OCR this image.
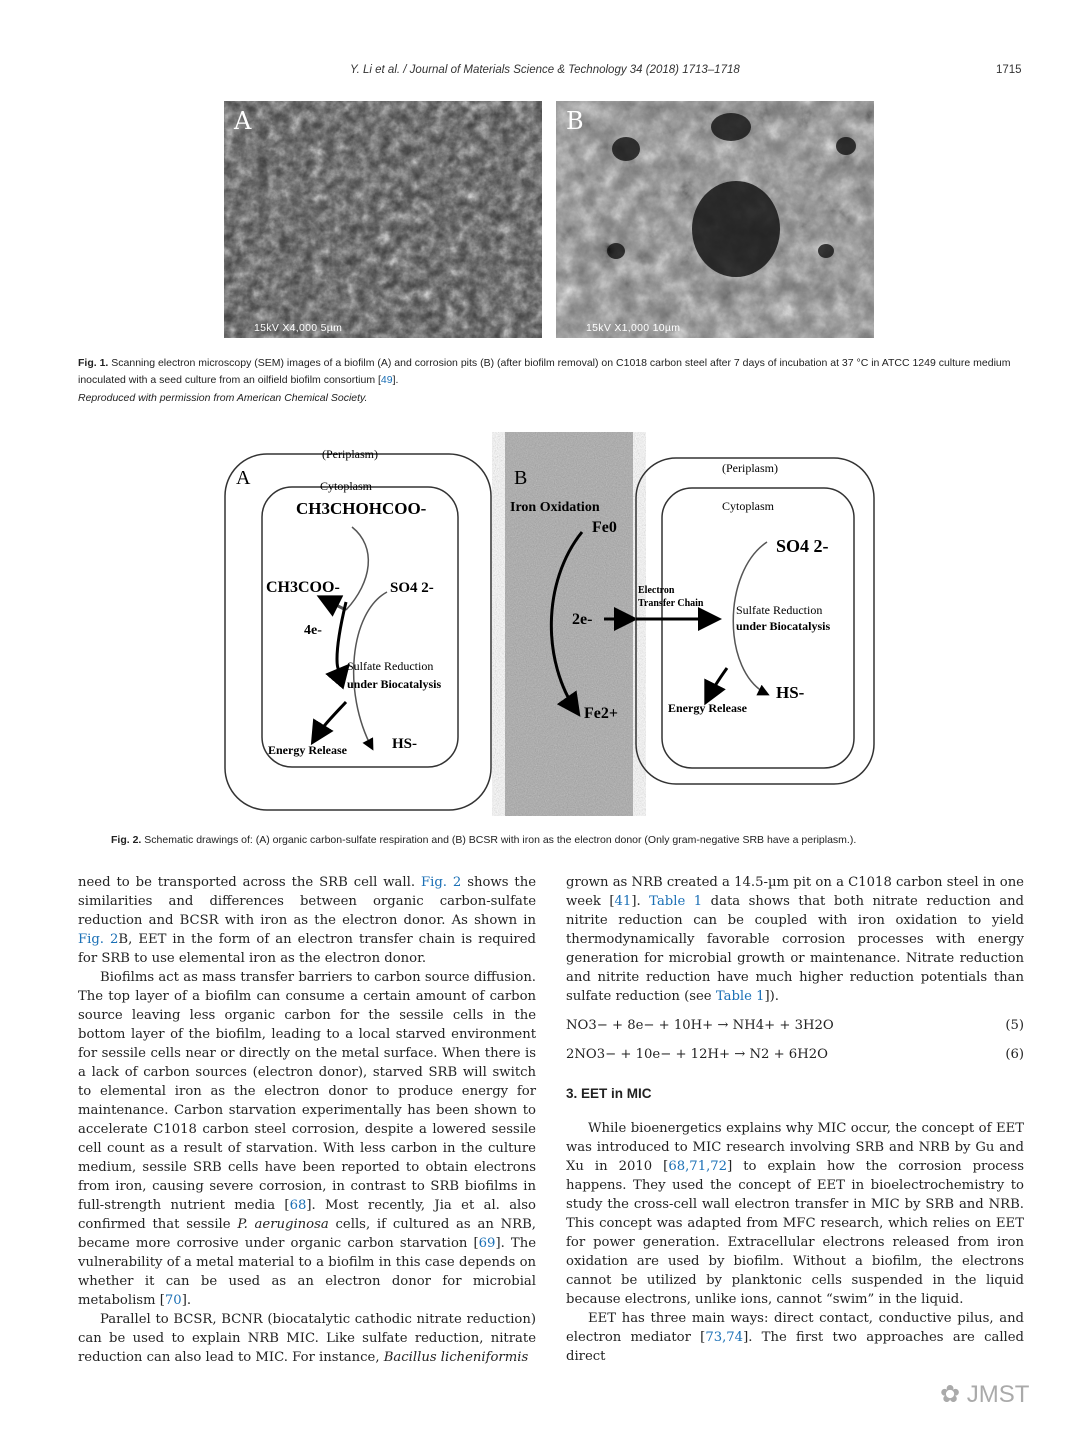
Y. Li et al. / Journal of Materials Science & Technology 34 (2018) 1713–1718	1715
A
15kV X4,000 5µm
B
15kV X1,000 10µm
Fig. 1. Scanning electron microscopy (SEM) images of a biofilm (A) and corrosion pits (B) (after biofilm removal) on C1018 carbon steel after 7 days of incubation at 37 °C in ATCC 1249 culture medium inoculated with a seed culture from an oilfield biofilm consortium [49].
Reproduced with permission from American Chemical Society.
(Periplasm)
A	Cytoplasm
CH3CHOHCOO-
CH3COO-	SO4 2-
4e-
Sulfate Reduction
under Biocatalysis
Energy Release	HS-
B
Iron Oxidation
Fe0
2e-
Fe2+
(Periplasm)
Cytoplasm
Electron
Transfer Chain
SO4 2-
Sulfate Reduction
under Biocatalysis
Energy Release
HS-
Fig. 2. Schematic drawings of: (A) organic carbon-sulfate respiration and (B) BCSR with iron as the electron donor (Only gram-negative SRB have a periplasm.).

need to be transported across the SRB cell wall. Fig. 2 shows the similarities and differences between organic carbon-sulfate reduction and BCSR with iron as the electron donor. As shown in Fig. 2B, EET in the form of an electron transfer chain is required for SRB to use elemental iron as the electron donor.

Biofilms act as mass transfer barriers to carbon source diffusion. The top layer of a biofilm can consume a certain amount of carbon source leaving less organic carbon for the sessile cells in the bottom layer of the biofilm, leading to a local starved environment for sessile cells near or directly on the metal surface. When there is a lack of carbon sources (electron donor), starved SRB will switch to elemental iron as the electron donor to produce energy for maintenance. Carbon starvation experimentally has been shown to accelerate C1018 carbon steel corrosion, despite a lowered sessile cell count as a result of starvation. With less carbon in the culture medium, sessile SRB cells have been reported to obtain electrons from iron, causing severe corrosion, in contrast to SRB biofilms in full-strength nutrient media [68]. Most recently, Jia et al. also confirmed that sessile P. aeruginosa cells, if cultured as an NRB, became more corrosive under organic carbon starvation [69]. The vulnerability of a metal material to a biofilm in this case depends on whether it can be used as an electron donor for microbial metabolism [70].

Parallel to BCSR, BCNR (biocatalytic cathodic nitrate reduction) can be used to explain NRB MIC. Like sulfate reduction, nitrate reduction can also lead to MIC. For instance, Bacillus licheniformis

grown as NRB created a 14.5-µm pit on a C1018 carbon steel in one week [41]. Table 1 data shows that both nitrate reduction and nitrite reduction can be coupled with iron oxidation to yield thermodynamically favorable corrosion processes with energy generation for microbial growth or maintenance. Nitrate reduction and nitrite reduction have much higher reduction potentials than sulfate reduction (see Table 1]).

NO3− + 8e− + 10H+ → NH4+ + 3H2O	(5)
2NO3− + 10e− + 12H+ → N2 + 6H2O	(6)
3. EET in MIC

While bioenergetics explains why MIC occur, the concept of EET was introduced to MIC research involving SRB and NRB by Gu and Xu in 2010 [68,71,72] to explain how the corrosion process happens. They used the concept of EET in bioelectrochemistry to study the cross-cell wall electron transfer in MIC by SRB and NRB. This concept was adapted from MFC research, which relies on EET for power generation. Extracellular electrons released from iron oxidation are used by biofilm. Without a biofilm, the electrons cannot be utilized by planktonic cells suspended in the liquid because electrons, unlike ions, cannot “swim” in the liquid.

EET has three main ways: direct contact, conductive pilus, and electron mediator [73,74]. The first two approaches are called direct

✿ JMST
